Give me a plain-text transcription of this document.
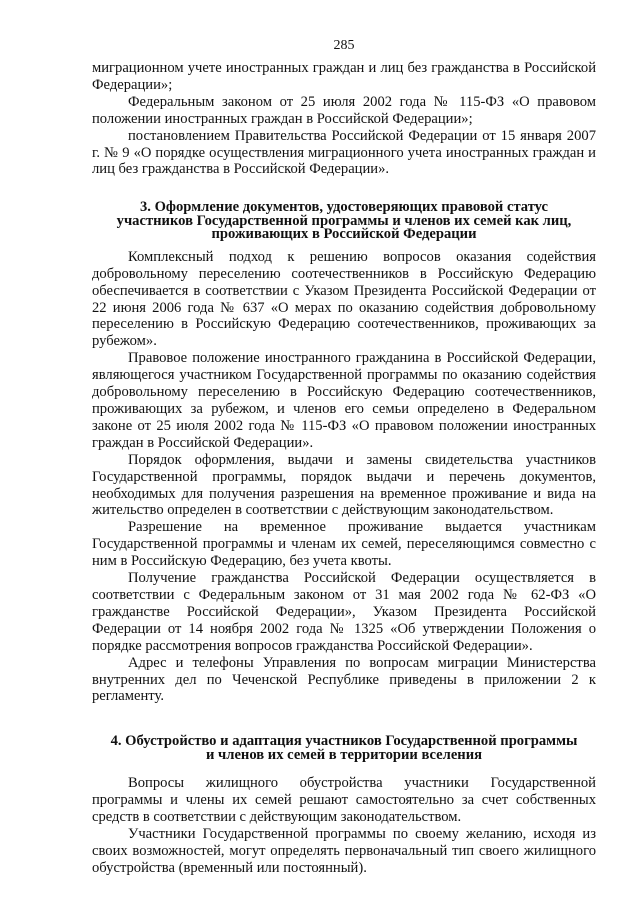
285

миграционном учете иностранных граждан и лиц без гражданства в Российской Федерации»;

Федеральным законом от 25 июля 2002 года № 115-ФЗ «О правовом положении иностранных граждан в Российской Федерации»;

постановлением Правительства Российской Федерации от 15 января 2007 г. № 9 «О порядке осуществления миграционного учета иностранных граждан и лиц без гражданства в Российской Федерации».

3. Оформление документов, удостоверяющих правовой статус
участников Государственной программы и членов их семей как лиц,
проживающих в Российской Федерации

Комплексный подход к решению вопросов оказания содействия добровольному переселению соотечественников в Российскую Федерацию обеспечивается в соответствии с Указом Президента Российской Федерации от 22 июня 2006 года № 637 «О мерах по оказанию содействия добровольному переселению в Российскую Федерацию соотечественников, проживающих за рубежом».

Правовое положение иностранного гражданина в Российской Федерации, являющегося участником Государственной программы по оказанию содействия добровольному переселению в Российскую Федерацию соотечественников, проживающих за рубежом, и членов его семьи определено в Федеральном законе от 25 июля 2002 года № 115-ФЗ «О правовом положении иностранных граждан в Российской Федерации».

Порядок оформления, выдачи и замены свидетельства участников Государственной программы, порядок выдачи и перечень документов, необходимых для получения разрешения на временное проживание и вида на жительство определен в соответствии с действующим законодательством.

Разрешение на временное проживание выдается участникам Государственной программы и членам их семей, переселяющимся совместно с ним в Российскую Федерацию, без учета квоты.

Получение гражданства Российской Федерации осуществляется в соответствии с Федеральным законом от 31 мая 2002 года № 62-ФЗ «О гражданстве Российской Федерации», Указом Президента Российской Федерации от 14 ноября 2002 года № 1325 «Об утверждении Положения о порядке рассмотрения вопросов гражданства Российской Федерации».

Адрес и телефоны Управления по вопросам миграции Министерства внутренних дел по Чеченской Республике приведены в приложении 2 к регламенту.

4. Обустройство и адаптация участников Государственной программы
и членов их семей в территории вселения

Вопросы жилищного обустройства участники Государственной программы и члены их семей решают самостоятельно за счет собственных средств в соответствии с действующим законодательством.

Участники Государственной программы по своему желанию, исходя из своих возможностей, могут определять первоначальный тип своего жилищного обустройства (временный или постоянный).
